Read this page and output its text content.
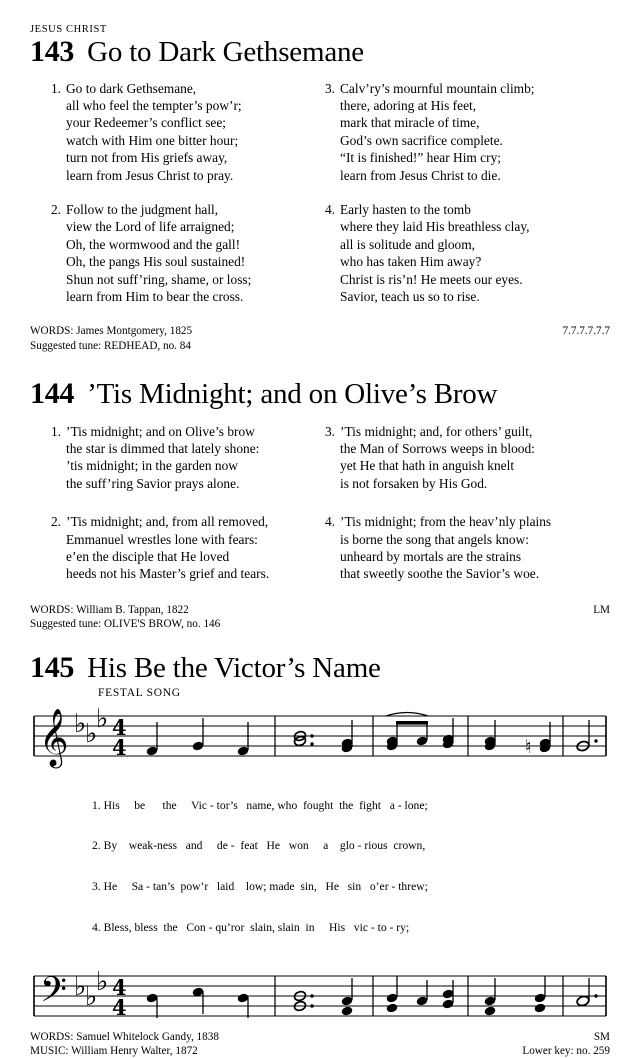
JESUS CHRIST
143 Go to Dark Gethsemane
1. Go to dark Gethsemane,
all who feel the tempter’s pow’r;
your Redeemer’s conflict see;
watch with Him one bitter hour;
turn not from His griefs away,
learn from Jesus Christ to pray.
2. Follow to the judgment hall,
view the Lord of life arraigned;
Oh, the wormwood and the gall!
Oh, the pangs His soul sustained!
Shun not suff’ring, shame, or loss;
learn from Him to bear the cross.
3. Calv’ry’s mournful mountain climb;
there, adoring at His feet,
mark that miracle of time,
God’s own sacrifice complete.
“It is finished!” hear Him cry;
learn from Jesus Christ to die.
4. Early hasten to the tomb
where they laid His breathless clay,
all is solitude and gloom,
who has taken Him away?
Christ is ris’n! He meets our eyes.
Savior, teach us so to rise.
WORDS: James Montgomery, 1825	7.7.7.7.7.7
Suggested tune: REDHEAD, no. 84
144 ’Tis Midnight; and on Olive’s Brow
1. ’Tis midnight; and on Olive’s brow
the star is dimmed that lately shone:
’tis midnight; in the garden now
the suff’ring Savior prays alone.
2. ’Tis midnight; and, from all removed,
Emmanuel wrestles lone with fears:
e’en the disciple that He loved
heeds not his Master’s grief and tears.
3. ’Tis midnight; and, for others’ guilt,
the Man of Sorrows weeps in blood:
yet He that hath in anguish knelt
is not forsaken by His God.
4. ’Tis midnight; from the heav’nly plains
is borne the song that angels know:
unheard by mortals are the strains
that sweetly soothe the Savior’s woe.
WORDS: William B. Tappan, 1822	LM
Suggested tune: OLIVE'S BROW, no. 146
145 His Be the Victor’s Name
FESTAL SONG
𝄞 ♭
♭
♭ 4
4	♮

1. His     be      the     Vic - tor’s   name, who  fought  the  fight   a - lone;

2. By    weak-ness   and     de -  feat   He   won     a    glo - rious  crown,

3. He     Sa - tan’s  pow’r   laid    low; made  sin,   He   sin   o’er - threw;

4. Bless, bless  the   Con - qu’ror  slain, slain  in     His   vic - to - ry;

𝄢 ♭
♭
♭ 4
4
WORDS: Samuel Whitelock Gandy, 1838	SM
MUSIC: William Henry Walter, 1872	Lower key: no. 259
